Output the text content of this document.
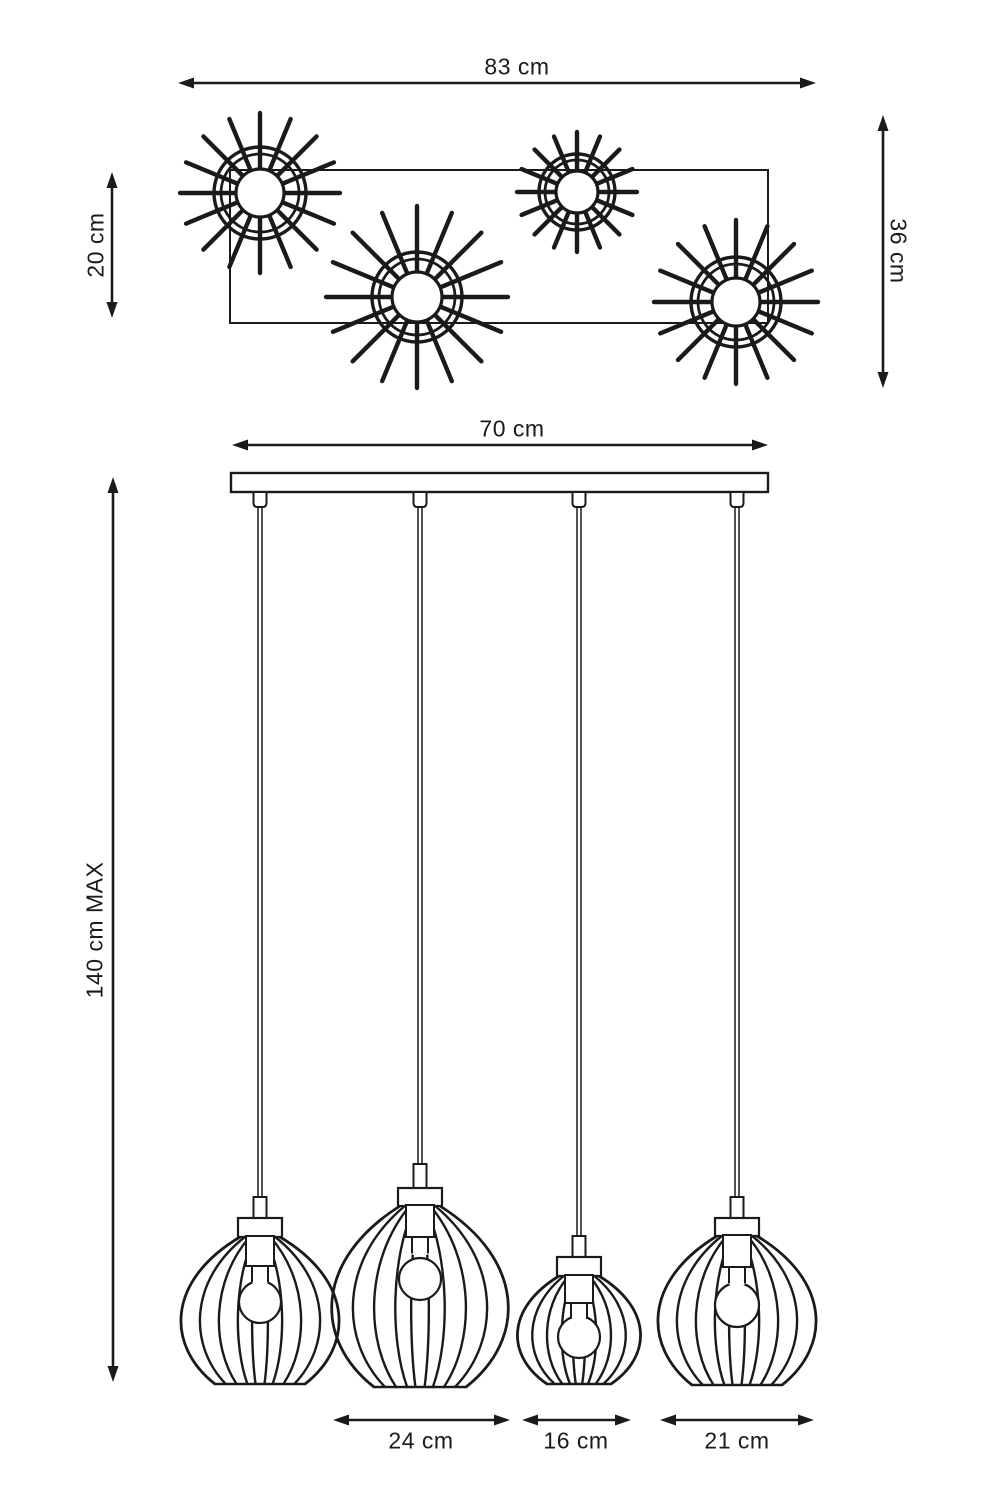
83 cm
20 cm	36 cm
70 cm
140 cm MAX
24 cm	16 cm	21 cm
